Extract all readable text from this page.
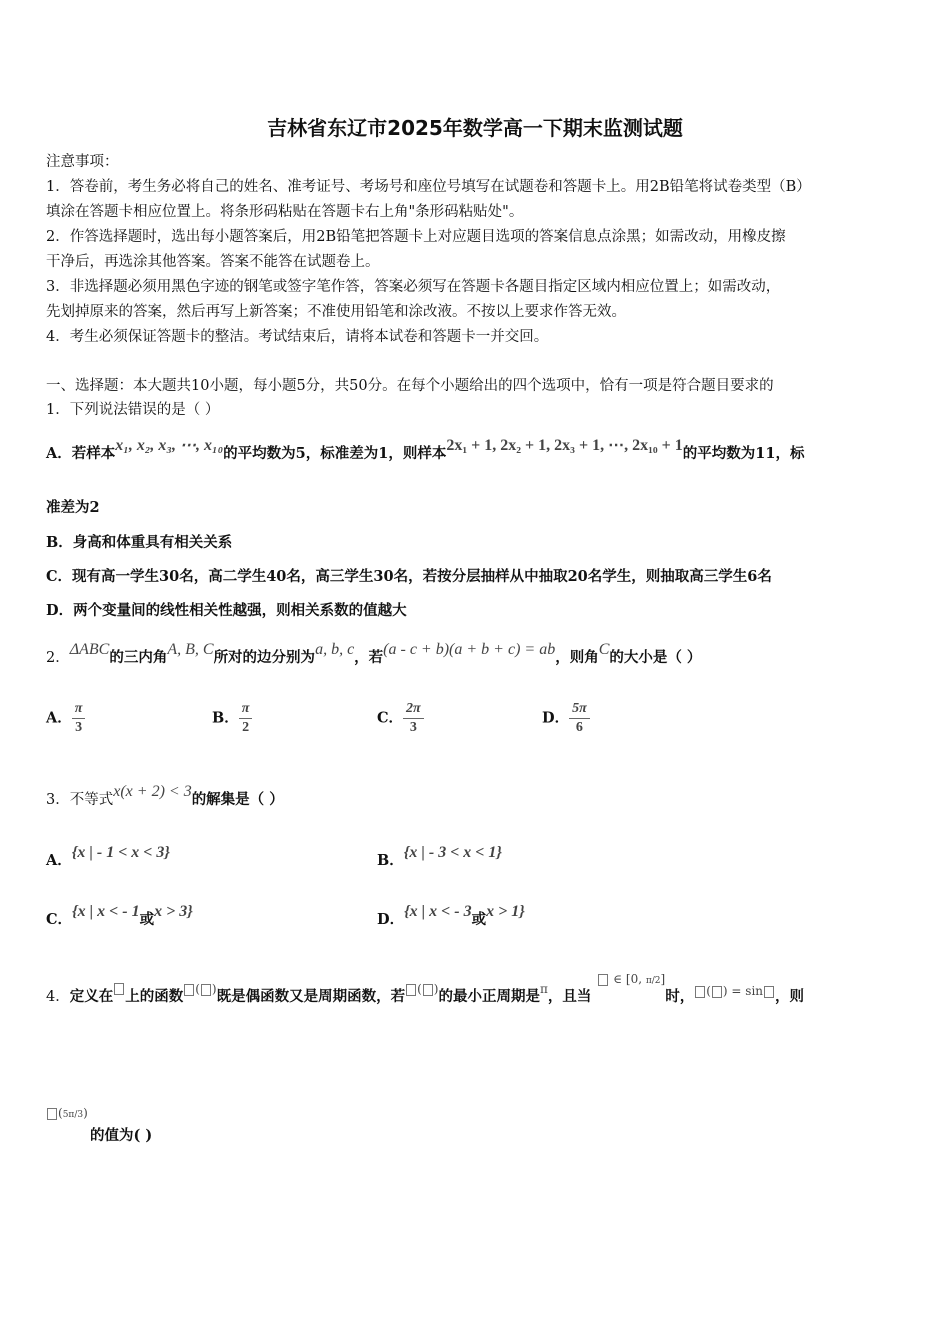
吉林省东辽市2025年数学高一下期末监测试题
注意事项：
1．答卷前，考生务必将自己的姓名、准考证号、考场号和座位号填写在试题卷和答题卡上。用2B铅笔将试卷类型（B）
填涂在答题卡相应位置上。将条形码粘贴在答题卡右上角"条形码粘贴处"。
2．作答选择题时，选出每小题答案后，用2B铅笔把答题卡上对应题目选项的答案信息点涂黑；如需改动，用橡皮擦
干净后，再选涂其他答案。答案不能答在试题卷上。
3．非选择题必须用黑色字迹的钢笔或签字笔作答，答案必须写在答题卡各题目指定区域内相应位置上；如需改动，
先划掉原来的答案，然后再写上新答案；不准使用铅笔和涂改液。不按以上要求作答无效。
4．考生必须保证答题卡的整洁。考试结束后，请将本试卷和答题卡一并交回。
一、选择题：本大题共10小题，每小题5分，共50分。在每个小题给出的四个选项中，恰有一项是符合题目要求的
1．下列说法错误的是（ ）
A．若样本x₁, x₂, x₃, ⋯, x₁₀的平均数为5，标准差为1，则样本2x₁ + 1, 2x₂ + 1, 2x₃ + 1, ⋯, 2x₁₀ + 1的平均数为11，标
准差为2
B．身高和体重具有相关关系
C．现有高一学生30名，高二学生40名，高三学生30名，若按分层抽样从中抽取20名学生，则抽取高三学生6名
D．两个变量间的线性相关性越强，则相关系数的值越大
2．ΔABC的三内角A, B, C所对的边分别为a, b, c，若(a - c + b)(a + b + c) = ab，则角C的大小是（ ）
A． $\frac{\pi}{3}$	B． $\frac{\pi}{2}$	C． $\frac{2\pi}{3}$	D． $\frac{5\pi}{6}$
3．不等式x(x + 2) < 3的解集是（ ）
A．{x | - 1 < x < 3}	B．{x | - 3 < x < 1}
C．{x | x < - 1或x > 3}	D．{x | x < - 3或x > 1}
4．定义在 上的函数 ( )既是偶函数又是周期函数，若 ( )的最小正周期是$^\pi$，且当 $^{\in [0, \pi/2]}$时， $^{( ) = sin}$ ，则
(5π/3)
的值为( )
